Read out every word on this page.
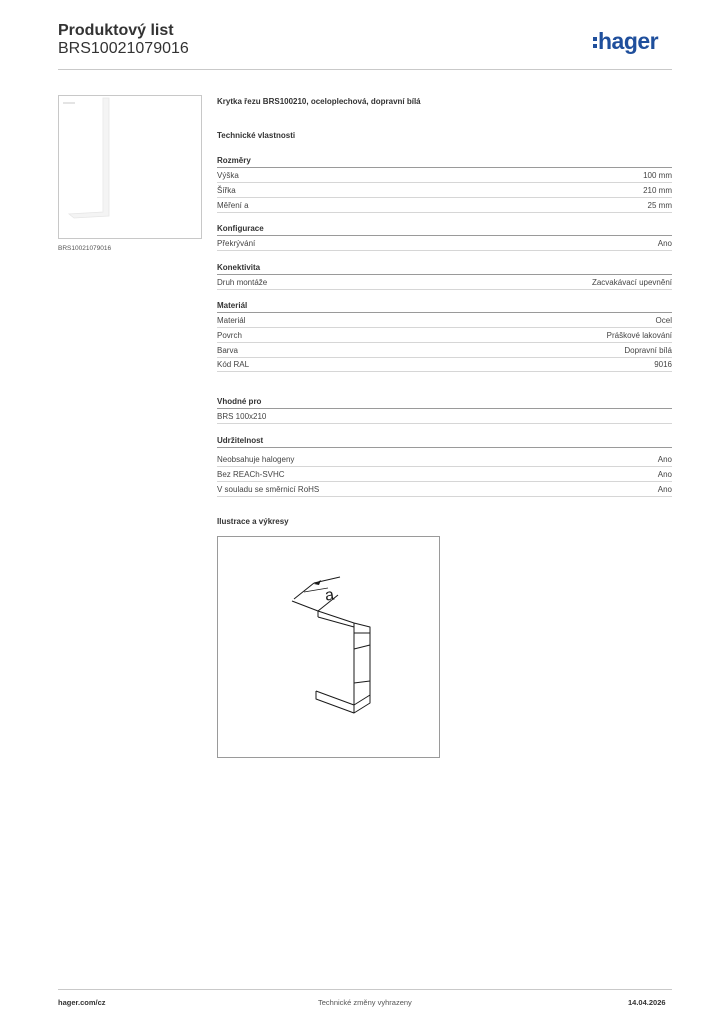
Produktový list
BRS10021079016	hager
BRS10021079016
Krytka řezu BRS100210, oceloplechová, dopravní bílá
Technické vlastnosti
Rozměry
Výška	100 mm
Šířka	210 mm
Měření a	25 mm
Konfigurace
Překrývání	Ano
Konektivita
Druh montáže	Zacvakávací upevnění
Materiál
Materiál	Ocel
Povrch	Práškové lakování
Barva	Dopravní bílá
Kód RAL	9016
Vhodné pro
BRS 100x210
Udržitelnost
Neobsahuje halogeny	Ano
Bez REACh-SVHC	Ano
V souladu se směrnicí RoHS	Ano
Ilustrace a výkresy
a
hager.com/cz	Technické změny vyhrazeny	14.04.2026
